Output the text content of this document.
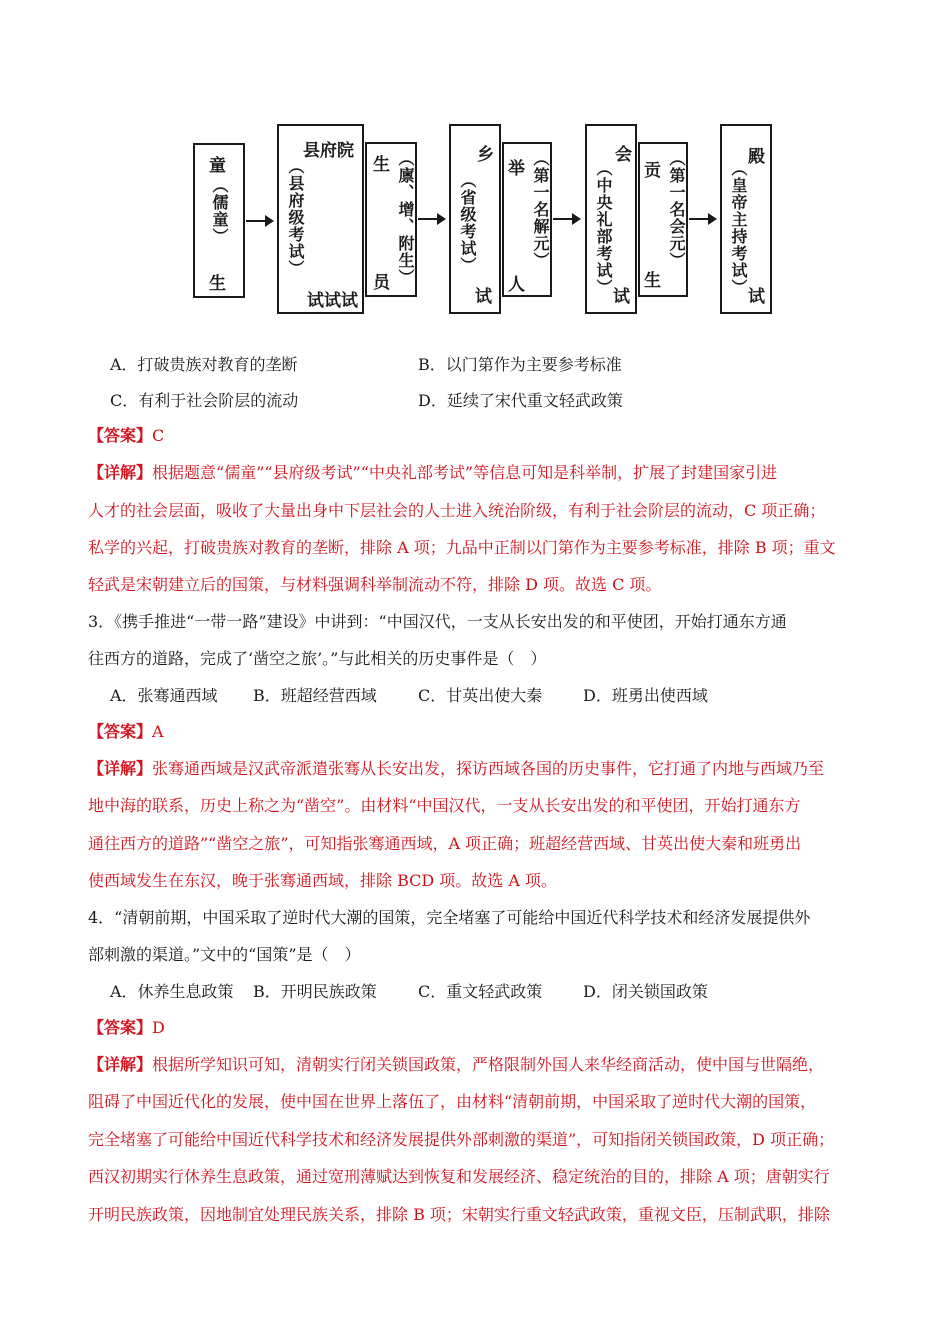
童
（儒童）
生
县府院
（县府级考试）
试试试
生
员 （廪、增、附生）	乡
（省级考试）
试
举
人
（第一名解元）	会
（中央礼部考试）
试
贡
生
（第一名会元）	殿
（皇帝主持考试）
试
A．打破贵族对教育的垄断	B．以门第作为主要参考标准
C．有利于社会阶层的流动	D．延续了宋代重文轻武政策
【答案】C
【详解】根据题意“儒童”“县府级考试”“中央礼部考试”等信息可知是科举制，扩展了封建国家引进
人才的社会层面，吸收了大量出身中下层社会的人士进入统治阶级，有利于社会阶层的流动，C 项正确；
私学的兴起，打破贵族对教育的垄断，排除 A 项；九品中正制以门第作为主要参考标准，排除 B 项；重文
轻武是宋朝建立后的国策，与材料强调科举制流动不符，排除 D 项。故选 C 项。
3．《携手推进“一带一路”建设》中讲到：“中国汉代，一支从长安出发的和平使团，开始打通东方通
往西方的道路，完成了‘凿空之旅’。”与此相关的历史事件是（　）
A．张骞通西域 B．班超经营西域	C．甘英出使大秦	D．班勇出使西域
【答案】A
【详解】张骞通西域是汉武帝派遣张骞从长安出发，探访西域各国的历史事件，它打通了内地与西域乃至
地中海的联系，历史上称之为“凿空”。由材料“中国汉代，一支从长安出发的和平使团，开始打通东方
通往西方的道路”“凿空之旅”，可知指张骞通西域，A 项正确；班超经营西域、甘英出使大秦和班勇出
使西域发生在东汉，晚于张骞通西域，排除 BCD 项。故选 A 项。
4．“清朝前期，中国采取了逆时代大潮的国策，完全堵塞了可能给中国近代科学技术和经济发展提供外
部刺激的渠道。”文中的“国策”是（　）
A．休养生息政策 B．开明民族政策	C．重文轻武政策	D．闭关锁国政策
【答案】D
【详解】根据所学知识可知，清朝实行闭关锁国政策，严格限制外国人来华经商活动，使中国与世隔绝，
阻碍了中国近代化的发展，使中国在世界上落伍了，由材料“清朝前期，中国采取了逆时代大潮的国策，
完全堵塞了可能给中国近代科学技术和经济发展提供外部刺激的渠道”，可知指闭关锁国政策，D 项正确；
西汉初期实行休养生息政策，通过宽刑薄赋达到恢复和发展经济、稳定统治的目的，排除 A 项；唐朝实行
开明民族政策，因地制宜处理民族关系，排除 B 项；宋朝实行重文轻武政策，重视文臣，压制武职，排除
